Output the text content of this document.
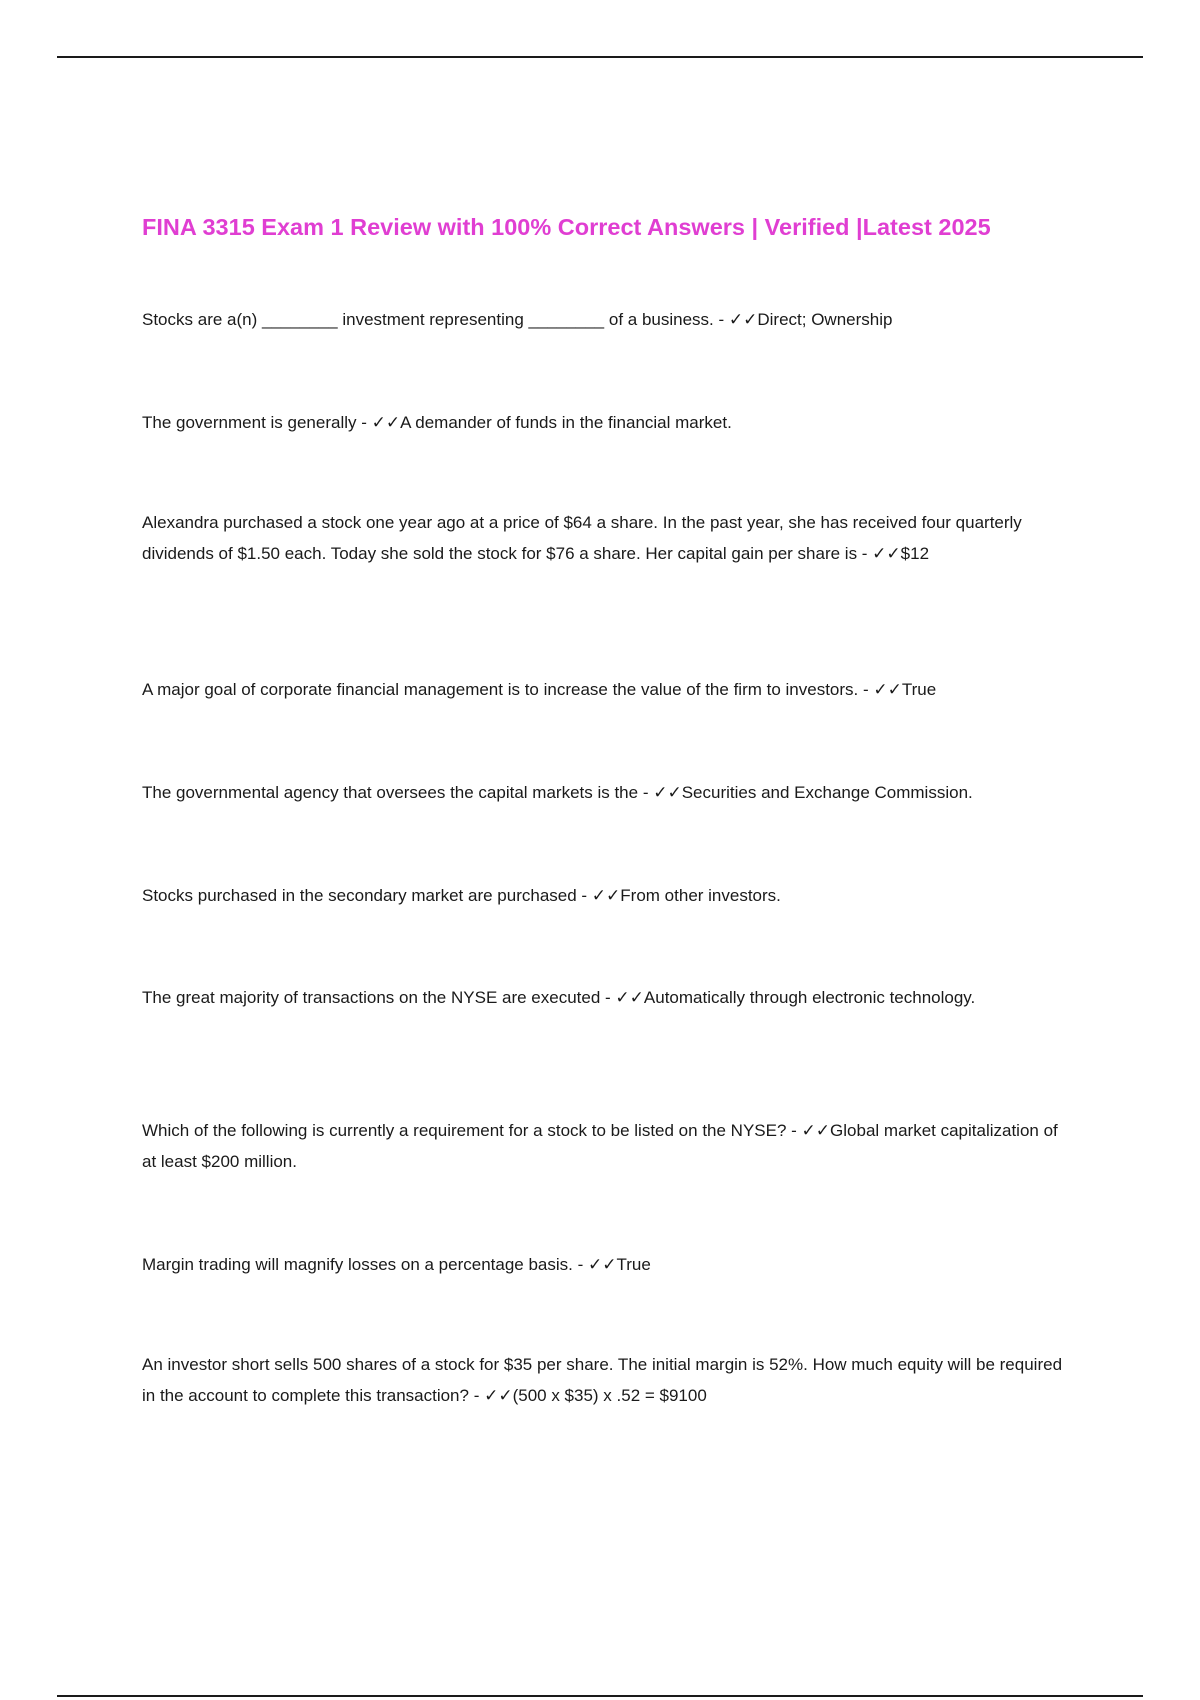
FINA 3315 Exam 1 Review with 100% Correct Answers | Verified |Latest 2025

Stocks are a(n) ________ investment representing ________ of a business. - ✓✓Direct; Ownership

The government is generally - ✓✓A demander of funds in the financial market.

Alexandra purchased a stock one year ago at a price of $64 a share. In the past year, she has received four quarterly dividends of $1.50 each. Today she sold the stock for $76 a share. Her capital gain per share is - ✓✓$12

A major goal of corporate financial management is to increase the value of the firm to investors. - ✓✓True

The governmental agency that oversees the capital markets is the - ✓✓Securities and Exchange Commission.

Stocks purchased in the secondary market are purchased - ✓✓From other investors.

The great majority of transactions on the NYSE are executed - ✓✓Automatically through electronic technology.

Which of the following is currently a requirement for a stock to be listed on the NYSE? - ✓✓Global market capitalization of at least $200 million.

Margin trading will magnify losses on a percentage basis. - ✓✓True

An investor short sells 500 shares of a stock for $35 per share. The initial margin is 52%. How much equity will be required in the account to complete this transaction? - ✓✓(500 x $35) x .52 = $9100
